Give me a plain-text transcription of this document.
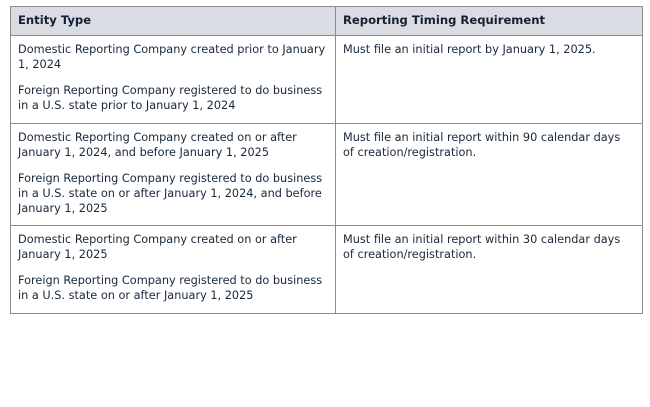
Entity Type	Reporting Timing Requirement

Domestic Reporting Company created prior to January 1, 2024

Foreign Reporting Company registered to do business in a U.S. state prior to January 1, 2024	Must file an initial report by January 1, 2025.

Domestic Reporting Company created on or after January 1, 2024, and before January 1, 2025

Foreign Reporting Company registered to do business in a U.S. state on or after January 1, 2024, and before January 1, 2025	Must file an initial report within 90 calendar days of creation/registration.

Domestic Reporting Company created on or after January 1, 2025

Foreign Reporting Company registered to do business in a U.S. state on or after January 1, 2025	Must file an initial report within 30 calendar days of creation/registration.
